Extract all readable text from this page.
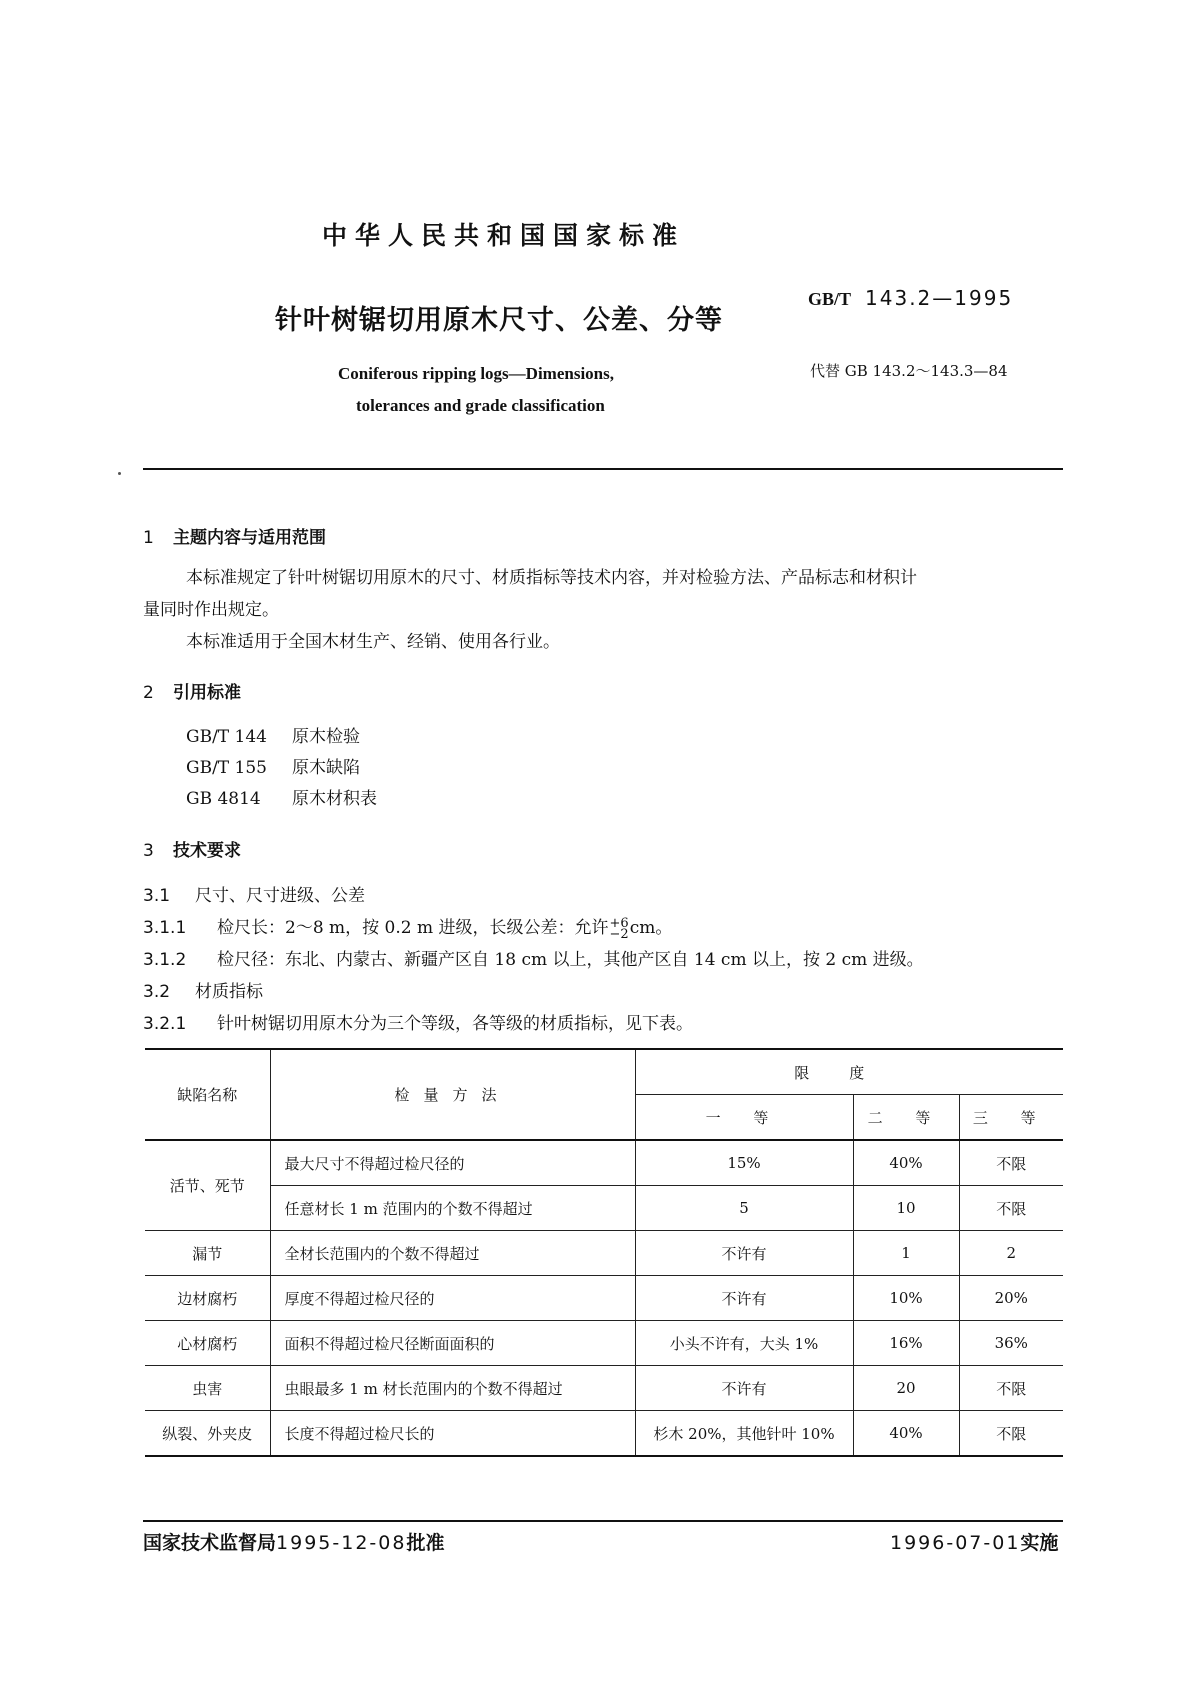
中华人民共和国国家标准
针叶树锯切用原木尺寸、公差、分等
Coniferous ripping logs—Dimensions,
tolerances and grade classification
GB/T 143.2—1995
代替 GB 143.2～143.3—84
1 主题内容与适用范围
本标准规定了针叶树锯切用原木的尺寸、材质指标等技术内容，并对检验方法、产品标志和材积计
量同时作出规定。
本标准适用于全国木材生产、经销、使用各行业。
2 引用标准
GB/T 144 原木检验
GB/T 155 原木缺陷
GB 4814 原木材积表
3 技术要求
3.1 尺寸、尺寸进级、公差
3.1.1 检尺长：2～8 m，按 0.2 m 进级，长级公差：允许 +6
−2 cm。
3.1.2 检尺径：东北、内蒙古、新疆产区自 18 cm 以上，其他产区自 14 cm 以上，按 2 cm 进级。
3.2 材质指标
3.2.1 针叶树锯切用原木分为三个等级，各等级的材质指标，见下表。
缺陷名称	检量方法	限度		
		一 等	二 等	三 等
活节、死节	最大尺寸不得超过检尺径的	15%	40%	不限
	任意材长 1 m 范围内的个数不得超过	5	10	不限
漏节	全材长范围内的个数不得超过	不许有	1	2
边材腐朽	厚度不得超过检尺径的	不许有	10%	20%
心材腐朽	面积不得超过检尺径断面面积的	小头不许有，大头 1%	16%	36%
虫害	虫眼最多 1 m 材长范围内的个数不得超过	不许有	20	不限
纵裂、外夹皮	长度不得超过检尺长的	杉木 20%，其他针叶 10%	40%	不限
国家技术监督局1995-12-08批准	1996-07-01实施
